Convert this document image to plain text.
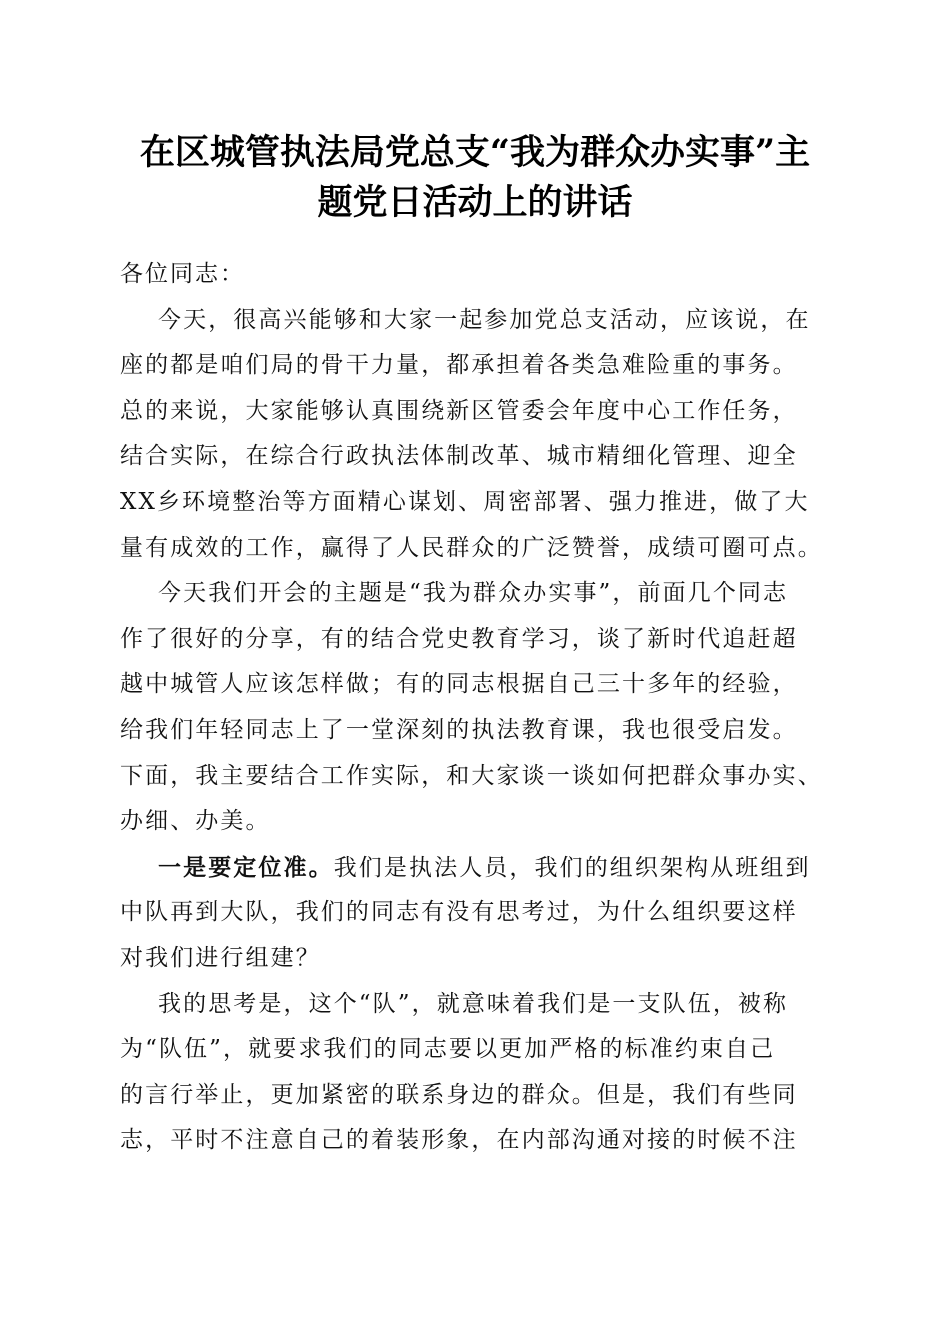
在区城管执法局党总支“我为群众办实事”主
题党日活动上的讲话
各位同志：
今天，很高兴能够和大家一起参加党总支活动，应该说，在
座的都是咱们局的骨干力量，都承担着各类急难险重的事务。
总的来说，大家能够认真围绕新区管委会年度中心工作任务，
结合实际，在综合行政执法体制改革、城市精细化管理、迎全
XX乡环境整治等方面精心谋划、周密部署、强力推进，做了大
量有成效的工作，赢得了人民群众的广泛赞誉，成绩可圈可点。
今天我们开会的主题是“我为群众办实事”，前面几个同志
作了很好的分享，有的结合党史教育学习，谈了新时代追赶超
越中城管人应该怎样做；有的同志根据自己三十多年的经验，
给我们年轻同志上了一堂深刻的执法教育课，我也很受启发。
下面，我主要结合工作实际，和大家谈一谈如何把群众事办实、
办细、办美。
一是要定位准。我们是执法人员，我们的组织架构从班组到
中队再到大队，我们的同志有没有思考过，为什么组织要这样
对我们进行组建？
我的思考是，这个“队”，就意味着我们是一支队伍，被称
为“队伍”，就要求我们的同志要以更加严格的标准约束自己
的言行举止，更加紧密的联系身边的群众。但是，我们有些同
志，平时不注意自己的着装形象，在内部沟通对接的时候不注
